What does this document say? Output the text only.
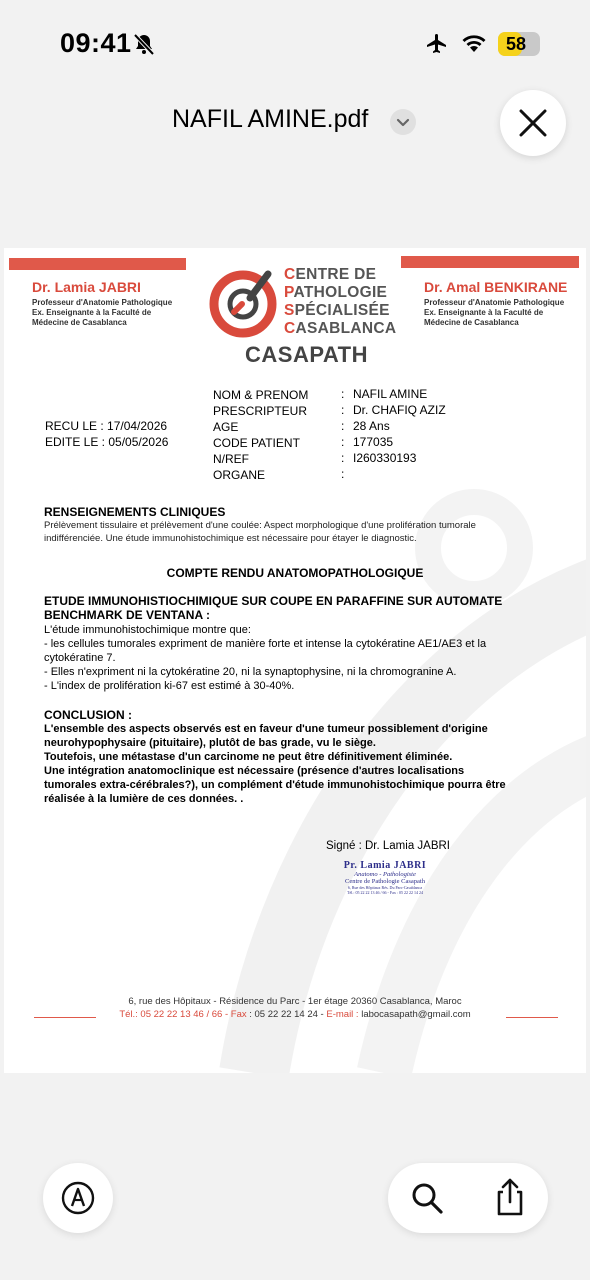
09:41	58
NAFIL AMINE.pdf
Dr. Lamia JABRI
Professeur d'Anatomie Pathologique
Ex. Enseignante à la Faculté de
Médecine de Casablanca
CENTRE DE
PATHOLOGIE
SPÉCIALISÉE
CASABLANCA
CASAPATH
Dr. Amal BENKIRANE
Professeur d'Anatomie Pathologique
Ex. Enseignante à la Faculté de
Médecine de Casablanca
NOM & PRENOM	: NAFIL AMINE
PRESCRIPTEUR	: Dr. CHAFIQ AZIZ
AGE	: 28 Ans
CODE PATIENT	: 177035
N/REF	: I260330193
ORGANE	:
RECU LE : 17/04/2026
EDITE LE : 05/05/2026
RENSEIGNEMENTS CLINIQUES
Prélèvement tissulaire et prélèvement d'une coulée: Aspect morphologique d'une prolifération tumorale
indifférenciée. Une étude immunohistochimique est nécessaire pour étayer le diagnostic.
COMPTE RENDU ANATOMOPATHOLOGIQUE
ETUDE IMMUNOHISTIOCHIMIQUE SUR COUPE EN PARAFFINE SUR AUTOMATE
BENCHMARK DE VENTANA :
L'étude immunohistochimique montre que:
- les cellules tumorales expriment de manière forte et intense la cytokératine AE1/AE3 et la
cytokératine 7.
- Elles n'expriment ni la cytokératine 20, ni la synaptophysine, ni la chromogranine A.
- L'index de prolifération ki-67 est estimé à 30-40%.
CONCLUSION :
L'ensemble des aspects observés est en faveur d'une tumeur possiblement d'origine
neurohypophysaire (pituitaire), plutôt de bas grade, vu le siège.
Toutefois, une métastase d'un carcinome ne peut être définitivement éliminée.
Une intégration anatomoclinique est nécessaire (présence d'autres localisations
tumorales extra-cérébrales?), un complément d'étude immunohistochimique pourra être
réalisée à la lumière de ces données. .
Signé : Dr. Lamia JABRI
Pr. Lamia JABRI
Anatomo - Pathologiste
Centre de Pathologie Casapath
6, Rue des Hôpitaux Rés. Du Parc-Casablanca
Tél.: 05 22 22 13 46 / 66 - Fax : 05 22 22 14 24
6, rue des Hôpitaux - Résidence du Parc - 1er étage 20360 Casablanca, Maroc
Tél.: 05 22 22 13 46 / 66 - Fax : 05 22 22 14 24 - E-mail : labocasapath@gmail.com
